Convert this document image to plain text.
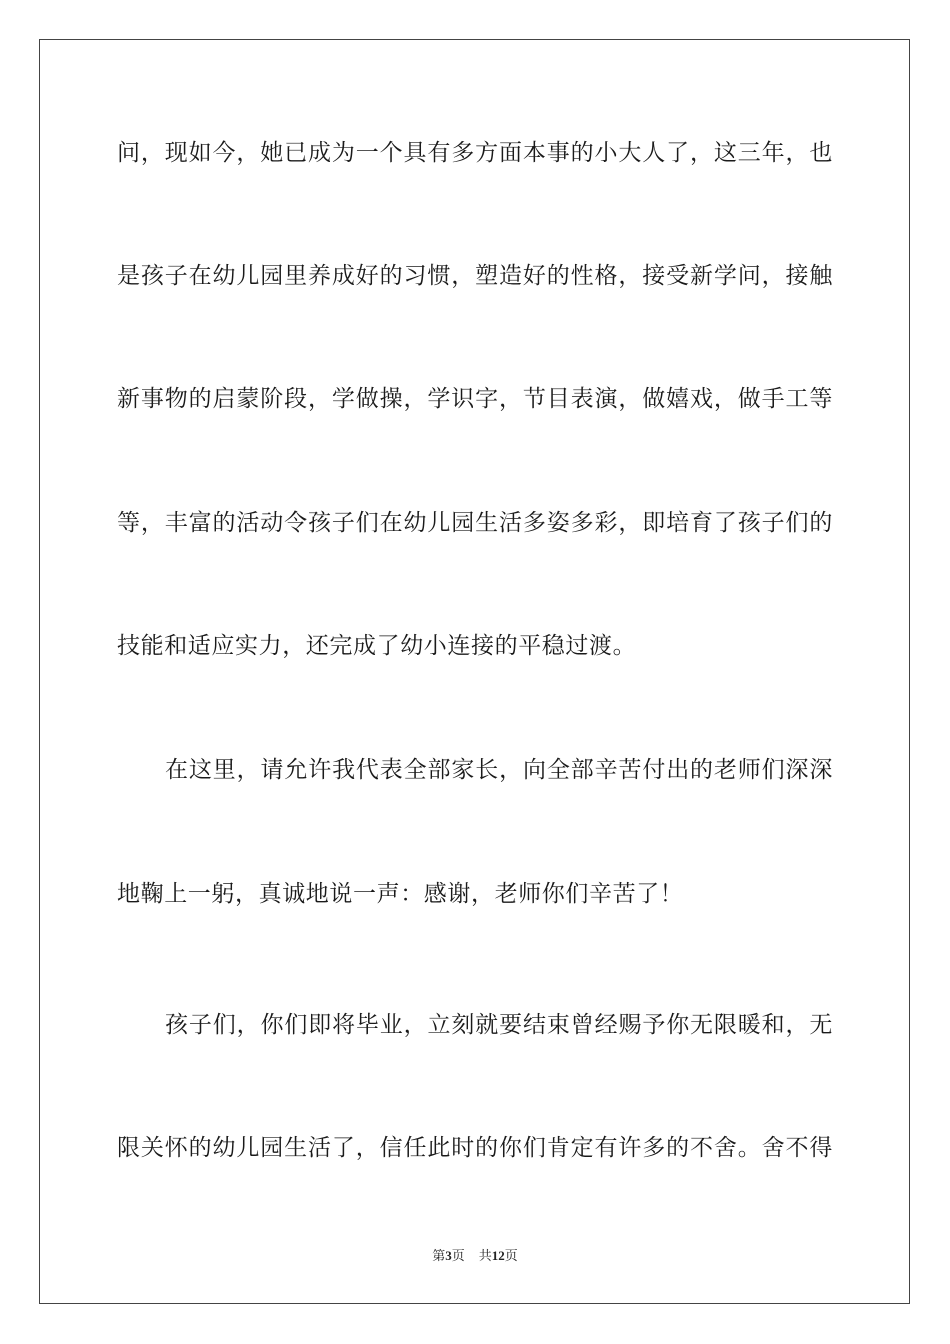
问，现如今，她已成为一个具有多方面本事的小大人了，这三年，也
是孩子在幼儿园里养成好的习惯，塑造好的性格，接受新学问，接触
新事物的启蒙阶段，学做操，学识字，节目表演，做嬉戏，做手工等
等，丰富的活动令孩子们在幼儿园生活多姿多彩，即培育了孩子们的
技能和适应实力，还完成了幼小连接的平稳过渡。
在这里，请允许我代表全部家长，向全部辛苦付出的老师们深深
地鞠上一躬，真诚地说一声：感谢，老师你们辛苦了！
孩子们，你们即将毕业，立刻就要结束曾经赐予你无限暖和，无
限关怀的幼儿园生活了，信任此时的你们肯定有许多的不舍。舍不得
第3页 共12页
